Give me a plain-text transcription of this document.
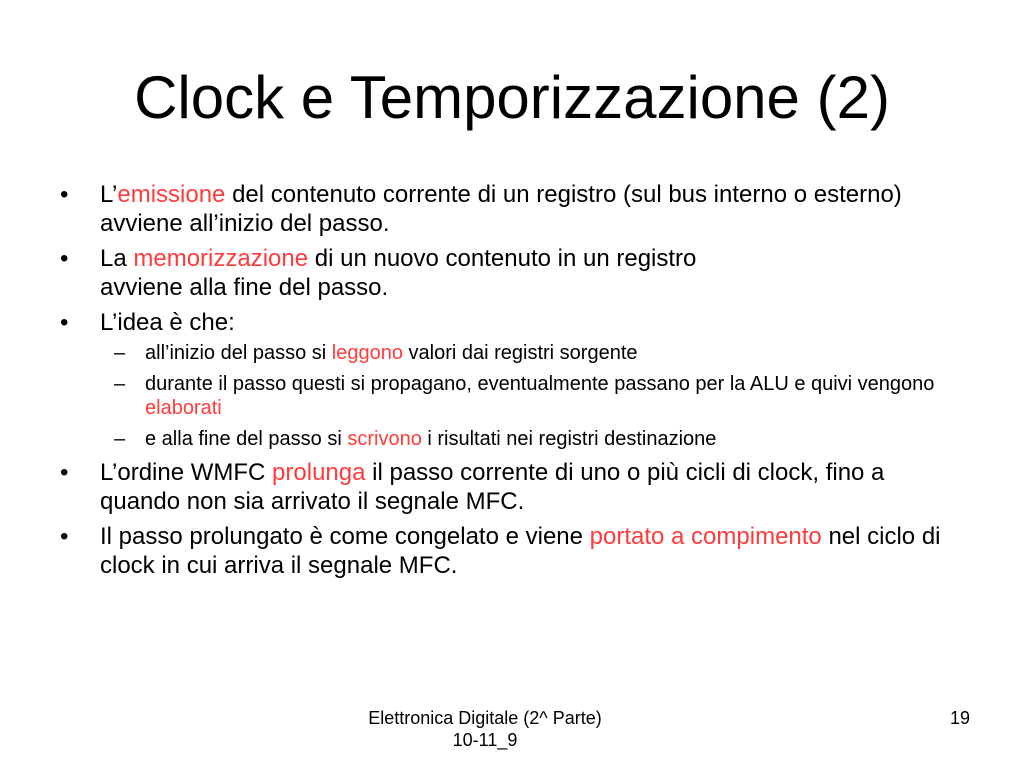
Clock e Temporizzazione (2)
• L’emissione del contenuto corrente di un registro (sul bus interno o esterno) avviene all’inizio del passo.
• La memorizzazione di un nuovo contenuto in un registro
avviene alla fine del passo.
• L’idea è che:
– all’inizio del passo si leggono valori dai registri sorgente
– durante il passo questi si propagano, eventualmente passano per la ALU e quivi vengono elaborati
– e alla fine del passo si scrivono i risultati nei registri destinazione
• L’ordine WMFC prolunga il passo corrente di uno o più cicli di clock, fino a quando non sia arrivato il segnale MFC.
• Il passo prolungato è come congelato e viene portato a compimento nel ciclo di clock in cui arriva il segnale MFC.
Elettronica Digitale (2^ Parte)
10-11_9
19
